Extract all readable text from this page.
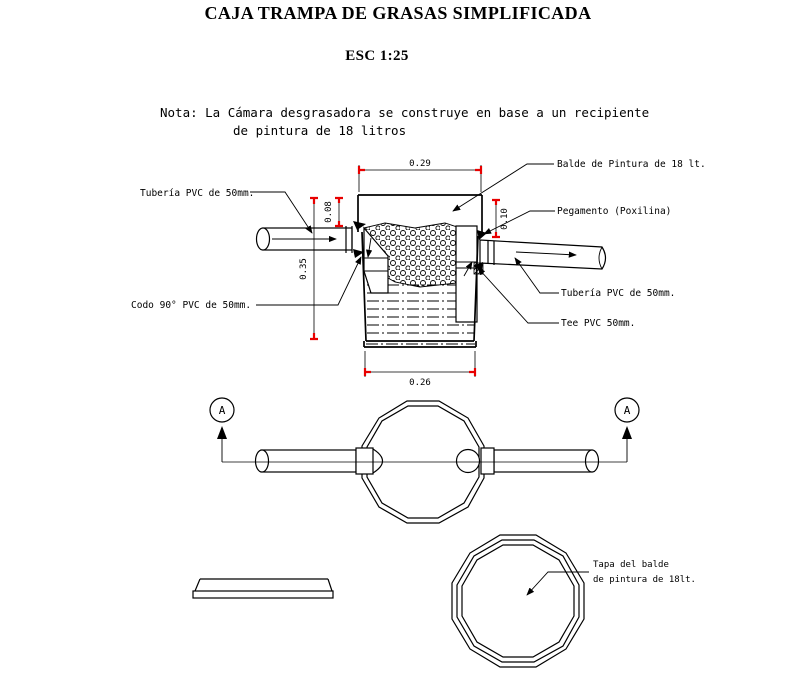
CAJA TRAMPA DE GRASAS SIMPLIFICADA
ESC 1:25
Nota: La Cámara desgrasadora se construye en base a un recipiente
de pintura de 18 litros
0.29
0.08	0.10
0.35
0.26
Tubería PVC de 50mm.
Codo 90° PVC de 50mm.
Balde de Pintura de 18 lt.
Pegamento (Poxilina)
Tubería PVC de 50mm.
Tee PVC 50mm.
A	A
Tapa del balde
de pintura de 18lt.
